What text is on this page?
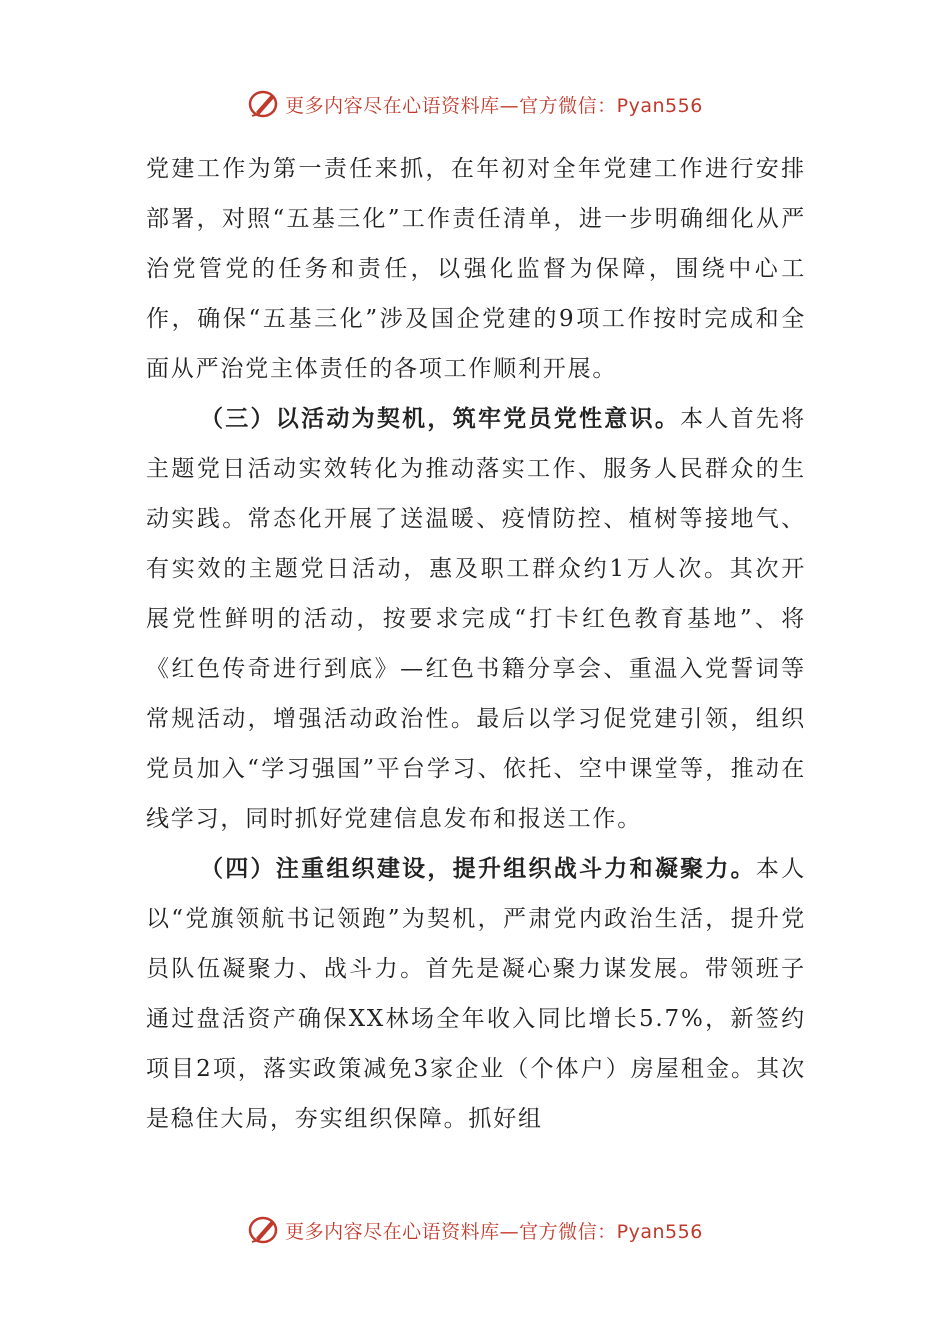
更多内容尽在心语资料库—官方微信：Pyan556

党建工作为第一责任来抓，在年初对全年党建工作进行安排部署，对照“五基三化”工作责任清单，进一步明确细化从严治党管党的任务和责任，以强化监督为保障，围绕中心工作，确保“五基三化”涉及国企党建的9项工作按时完成和全面从严治党主体责任的各项工作顺利开展。

（三）以活动为契机，筑牢党员党性意识。本人首先将主题党日活动实效转化为推动落实工作、服务人民群众的生动实践。常态化开展了送温暖、疫情防控、植树等接地气、有实效的主题党日活动，惠及职工群众约1万人次。其次开展党性鲜明的活动，按要求完成“打卡红色教育基地”、将《红色传奇进行到底》—红色书籍分享会、重温入党誓词等常规活动，增强活动政治性。最后以学习促党建引领，组织党员加入“学习强国”平台学习、依托、空中课堂等，推动在线学习，同时抓好党建信息发布和报送工作。

（四）注重组织建设，提升组织战斗力和凝聚力。本人以“党旗领航书记领跑”为契机，严肃党内政治生活，提升党员队伍凝聚力、战斗力。首先是凝心聚力谋发展。带领班子通过盘活资产确保XX林场全年收入同比增长5.7%，新签约项目2项，落实政策减免3家企业（个体户）房屋租金。其次是稳住大局，夯实组织保障。抓好组

更多内容尽在心语资料库—官方微信：Pyan556
